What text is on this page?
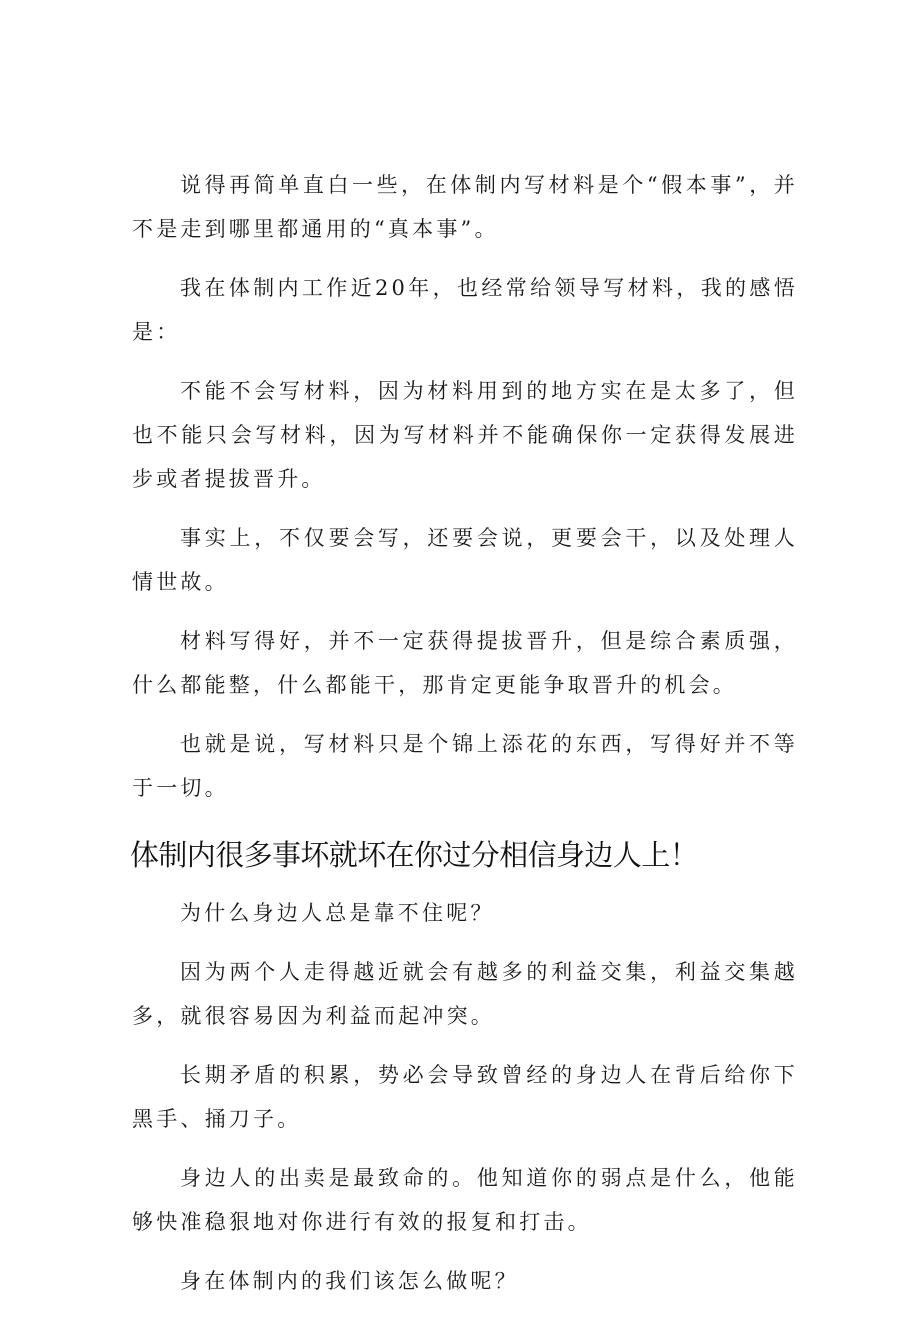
说得再简单直白一些，在体制内写材料是个“假本事”，并不是走到哪里都通用的“真本事”。

我在体制内工作近20年，也经常给领导写材料，我的感悟是：

不能不会写材料，因为材料用到的地方实在是太多了，但也不能只会写材料，因为写材料并不能确保你一定获得发展进步或者提拔晋升。

事实上，不仅要会写，还要会说，更要会干，以及处理人情世故。

材料写得好，并不一定获得提拔晋升，但是综合素质强，什么都能整，什么都能干，那肯定更能争取晋升的机会。

也就是说，写材料只是个锦上添花的东西，写得好并不等于一切。

体制内很多事坏就坏在你过分相信身边人上！

为什么身边人总是靠不住呢？

因为两个人走得越近就会有越多的利益交集，利益交集越多，就很容易因为利益而起冲突。

长期矛盾的积累，势必会导致曾经的身边人在背后给你下黑手、捅刀子。

身边人的出卖是最致命的。他知道你的弱点是什么，他能够快准稳狠地对你进行有效的报复和打击。

身在体制内的我们该怎么做呢？
